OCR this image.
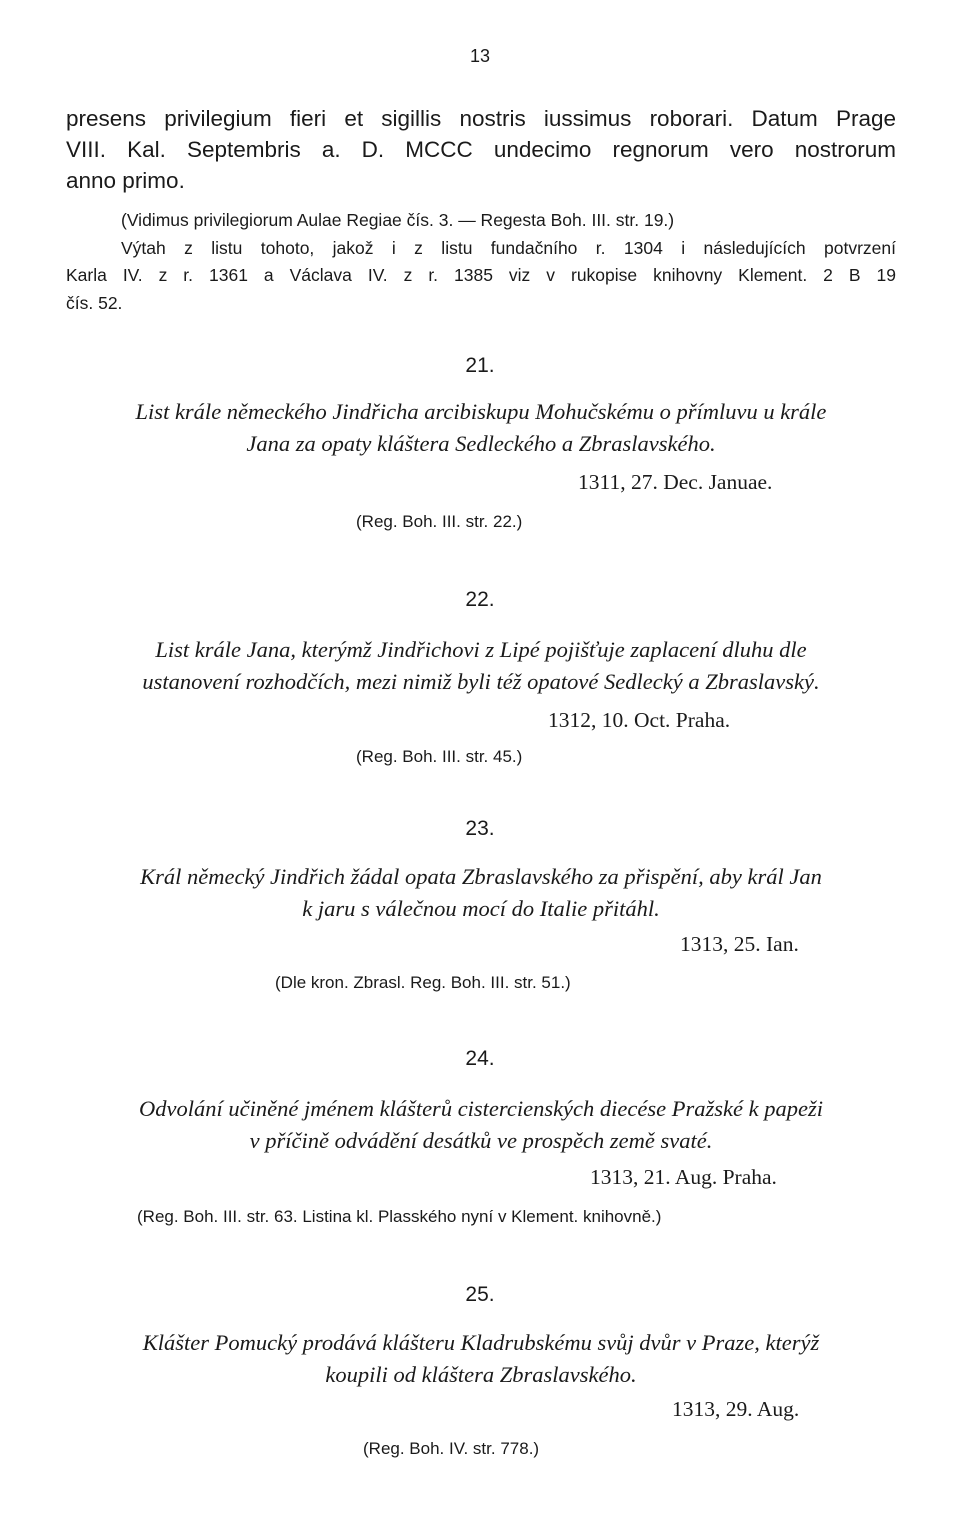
13
presens privilegium fieri et sigillis nostris iussimus roborari. Datum Prage
VIII. Kal. Septembris a. D. MCCC undecimo regnorum vero nostrorum
anno primo.
(Vidimus privilegiorum Aulae Regiae čís. 3. — Regesta Boh. III. str. 19.)
Výtah z listu tohoto, jakož i z listu fundačního r. 1304 i následujících potvrzení
Karla IV. z r. 1361 a Václava IV. z r. 1385 viz v rukopise knihovny Klement. 2 B 19
čís. 52.
21.
List krále německého Jindřicha arcibiskupu Mohučskému o přímluvu u krále
Jana za opaty kláštera Sedleckého a Zbraslavského.
1311, 27. Dec. Januae.
(Reg. Boh. III. str. 22.)
22.
List krále Jana, kterýmž Jindřichovi z Lipé pojišťuje zaplacení dluhu dle
ustanovení rozhodčích, mezi nimiž byli též opatové Sedlecký a Zbraslavský.
1312, 10. Oct. Praha.
(Reg. Boh. III. str. 45.)
23.
Král německý Jindřich žádal opata Zbraslavského za přispění, aby král Jan
k jaru s válečnou mocí do Italie přitáhl.
1313, 25. Ian.
(Dle kron. Zbrasl. Reg. Boh. III. str. 51.)
24.
Odvolání učiněné jménem klášterů cistercienských diecése Pražské k papeži
v příčině odvádění desátků ve prospěch země svaté.
1313, 21. Aug. Praha.
(Reg. Boh. III. str. 63. Listina kl. Plasského nyní v Klement. knihovně.)
25.
Klášter Pomucký prodává klášteru Kladrubskému svůj dvůr v Praze, kterýž
koupili od kláštera Zbraslavského.
1313, 29. Aug.
(Reg. Boh. IV. str. 778.)
